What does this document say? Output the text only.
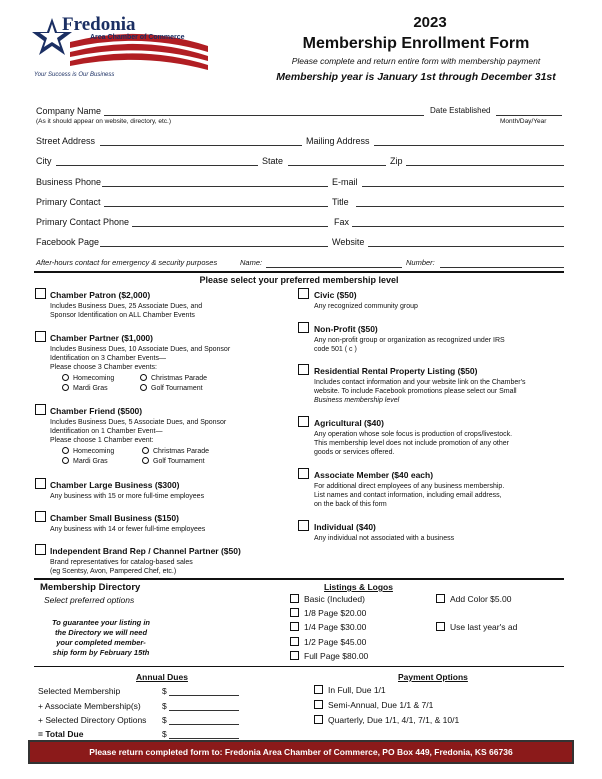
Fredonia
Area Chamber of Commerce
Your Success is Our Business
2023
Membership Enrollment Form
Please complete and return entire form with membership payment
Membership year is January 1st through December 31st
Company Name
(As it should appear on website, directory, etc.)
Date Established
Month/Day/Year
Street Address	Mailing Address
City	State	Zip
Business Phone	E-mail
Primary Contact	Title
Primary Contact Phone	Fax
Facebook Page	Website
After-hours contact for emergency & security purposes	Name:	Number:
Please select your preferred membership level
Chamber Patron ($2,000)
Includes Business Dues, 25 Associate Dues, and
Sponsor Identification on ALL Chamber Events
Chamber Partner ($1,000)
Includes Business Dues, 10 Associate Dues, and Sponsor
Identification on 3 Chamber Events—
Please choose 3 Chamber events:
Homecoming	Christmas Parade
Mardi Gras	Golf Tournament
Chamber Friend ($500)
Includes Business Dues, 5 Associate Dues, and Sponsor
Identification on 1 Chamber Event—
Please choose 1 Chamber event:
Homecoming	Christmas Parade
Mardi Gras	Golf Tournament
Chamber Large Business ($300)
Any business with 15 or more full-time employees
Chamber Small Business ($150)
Any business with 14 or fewer full-time employees
Independent Brand Rep / Channel Partner ($50)
Brand representatives for catalog-based sales
(eg Scentsy, Avon, Pampered Chef, etc.)
Civic ($50)
Any recognized community group
Non-Profit ($50)
Any non-profit group or organization as recognized under IRS
code 501 ( c )
Residential Rental Property Listing ($50)
Includes contact information and your website link on the Chamber's
website. To include Facebook promotions please select our Small
Business membership level
Agricultural ($40)
Any operation whose sole focus is production of crops/livestock.
This membership level does not include promotion of any other
goods or services offered.
Associate Member ($40 each)
For additional direct employees of any business membership.
List names and contact information, including email address,
on the back of this form
Individual ($40)
Any individual not associated with a business
Membership Directory
Select preferred options
To guarantee your listing in
the Directory we will need
your completed member-
ship form by February 15th
Listings & Logos
Basic (Included)
1/8 Page $20.00
1/4 Page $30.00
1/2 Page $45.00
Full Page $80.00
Add Color $5.00
Use last year's ad
Annual Dues
Selected Membership	$
+ Associate Membership(s)	$
+ Selected Directory Options $
= Total Due	$
Payment Options
In Full, Due 1/1
Semi-Annual, Due 1/1 & 7/1
Quarterly, Due 1/1, 4/1, 7/1, & 10/1
Please return completed form to: Fredonia Area Chamber of Commerce, PO Box 449, Fredonia, KS 66736
